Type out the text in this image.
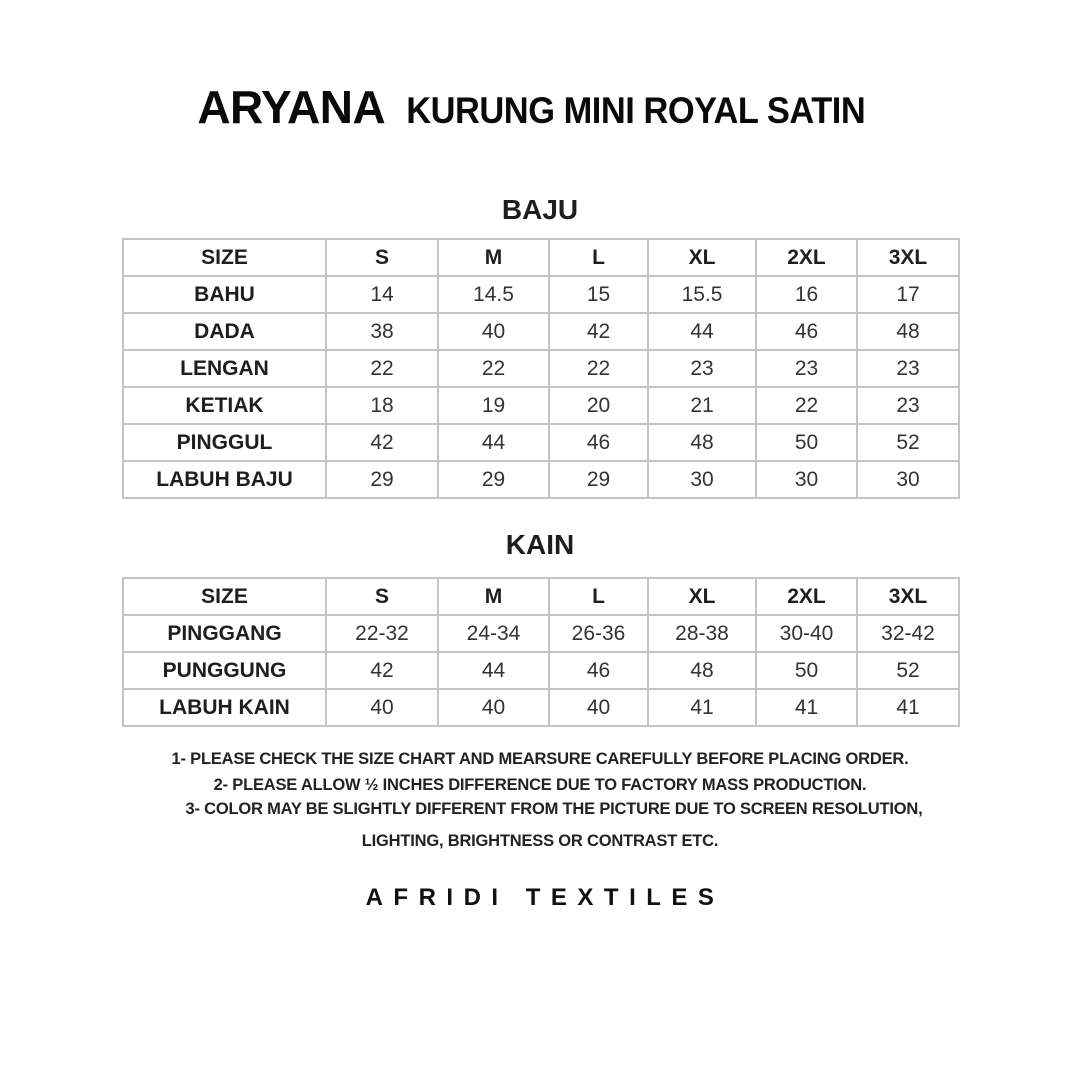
ARYANA KURUNG MINI ROYAL SATIN
BAJU
SIZE	S	M	L	XL	2XL	3XL
BAHU	14	14.5	15	15.5	16	17
DADA	38	40	42	44	46	48
LENGAN	22	22	22	23	23	23
KETIAK	18	19	20	21	22	23
PINGGUL	42	44	46	48	50	52
LABUH BAJU	29	29	29	30	30	30
KAIN
SIZE	S	M	L	XL	2XL	3XL
PINGGANG	22-32	24-34	26-36	28-38	30-40	32-42
PUNGGUNG	42	44	46	48	50	52
LABUH KAIN	40	40	40	41	41	41
1- PLEASE CHECK THE SIZE CHART AND MEARSURE CAREFULLY BEFORE PLACING ORDER.
2- PLEASE ALLOW ½ INCHES DIFFERENCE DUE TO FACTORY MASS PRODUCTION.
3- COLOR MAY BE SLIGHTLY DIFFERENT FROM THE PICTURE DUE TO SCREEN RESOLUTION,
LIGHTING, BRIGHTNESS OR CONTRAST ETC.
AFRIDI TEXTILES
